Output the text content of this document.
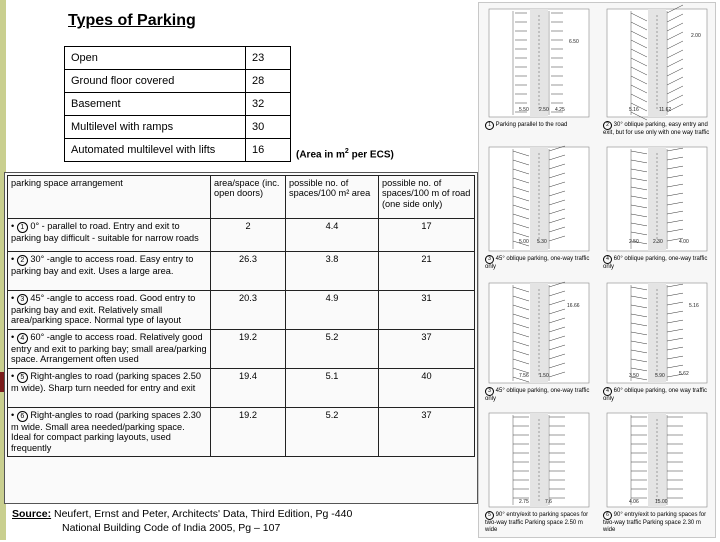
Types of Parking
Open	23
Ground floor covered	28
Basement	32
Multilevel with ramps	30
Automated multilevel with lifts	16	(Area in $m^2$ per ECS)
parking space arrangement	area/space (inc. open doors)	possible no. of spaces/100 m² area	possible no. of spaces/100 m of road (one side only)
• 1 0° - parallel to road. Entry and exit to parking bay difficult - suitable for narrow roads	2	4.4	17
• 2 30° -angle to access road. Easy entry to parking bay and exit. Uses a large area.	26.3	3.8	21
• 3 45° -angle to access road. Good entry to parking bay and exit. Relatively small area/parking space. Normal type of layout	20.3	4.9	31
• 4 60° -angle to access road. Relatively good entry and exit to parking bay; small area/parking space. Arrangement often used	19.2	5.2	37
• 5 Right-angles to road (parking spaces 2.50 m wide). Sharp turn needed for entry and exit	19.4	5.1	40
• 6 Right-angles to road (parking spaces 2.30 m wide. Small area needed/parking space. Ideal for compact parking layouts, used frequently	19.2	5.2	37
Source: Neufert, Ernst and Peter, Architects' Data, Third Edition, Pg -440
National Building Code of India 2005, Pg – 107
6.50
2.00
5.50 2.50 4.25	5.16	11.62
5.00 5.30	2.50	2.30	4.00
7.56 1.50	3.50	5.90
2.75	7.6	4.06	15.00
16.66	5.16
5.62
1 Parking parallel to the road	2 30° oblique parking, easy entry and exit, but for use only with one way traffic
3 45° oblique parking, one-way traffic only
4 60° oblique parking, one-way traffic only
3 45° oblique parking, one-way traffic only
4 60° oblique parking, one way traffic only
5 90° entry/exit to parking spaces for two-way traffic Parking space 2.50 m wide
6 90° entry/exit to parking spaces for two-way traffic Parking space 2.30 m wide
